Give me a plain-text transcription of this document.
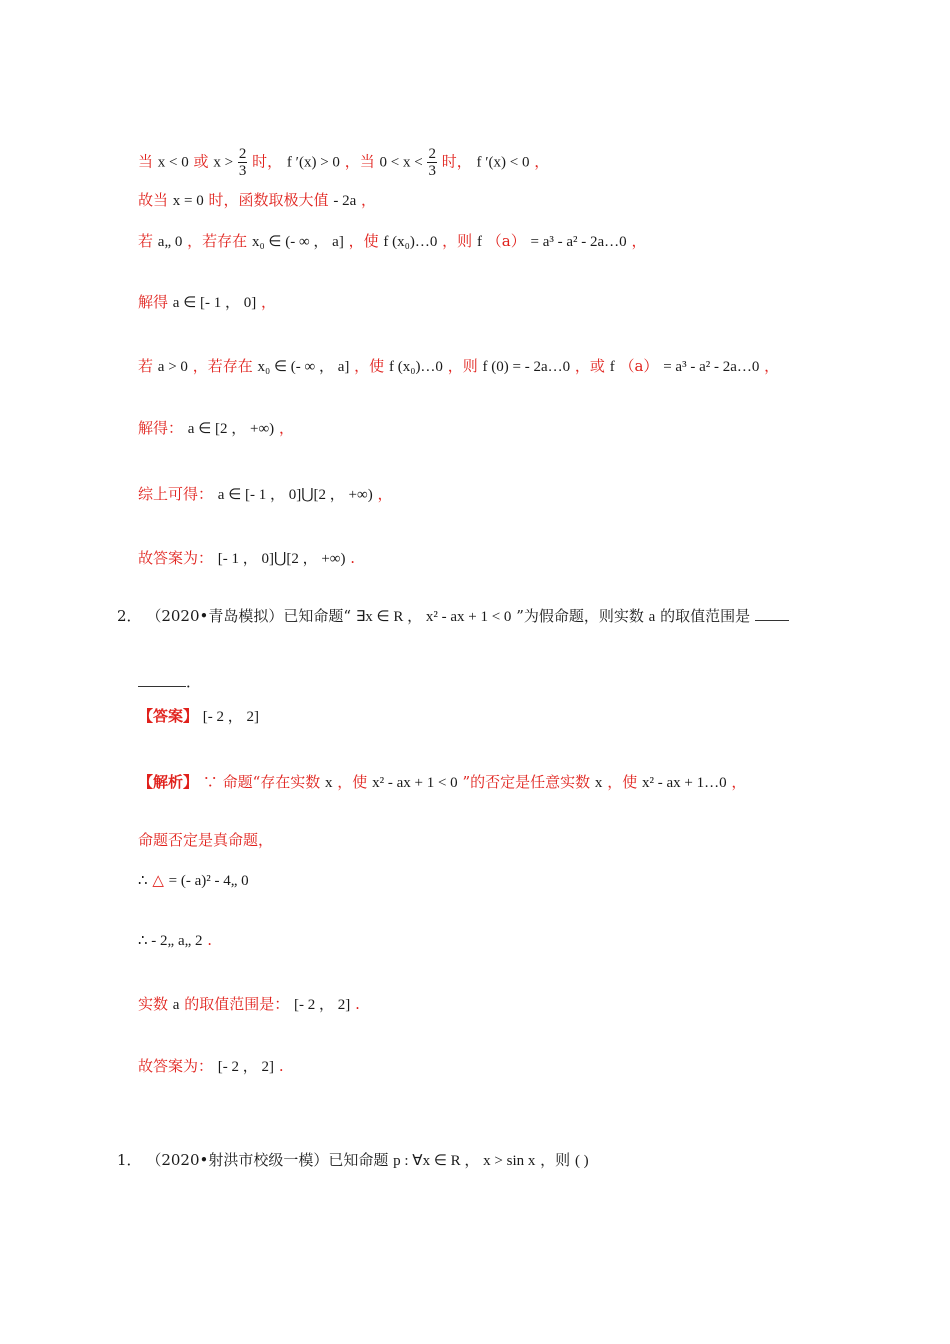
当 x < 0 或 $x > \frac{2}{3}$ 时， f ′(x) > 0 ，当 $0 < x < \frac{2}{3}$ 时， f ′(x) < 0 ，
故当 x = 0 时，函数取极大值 - 2a ，
若 a„ 0 ，若存在 x₀ ∈ (- ∞ ， a] ，使 f (x₀)…0 ，则 f （a） = a³ - a² - 2a…0 ，
解得 a ∈ [- 1 ， 0] ，
若 a > 0 ，若存在 x₀ ∈ (- ∞ ， a] ，使 f (x₀)…0 ，则 f (0) = - 2a…0 ，或 f （a） = a³ - a² - 2a…0 ，
解得： a ∈ [2 ， +∞) ，
综上可得： a ∈ [- 1 ， 0]⋃[2 ， +∞) ，
故答案为： [- 1 ， 0]⋃[2 ， +∞) .
2． （2020•青岛模拟）已知命题“ ∃x ∈ R ， x² - ax + 1 < 0 ”为假命题，则实数 a 的取值范围是
．
【答案】 [- 2 ， 2]
【解析】 ∵ 命题“存在实数 x ，使 x² - ax + 1 < 0 ”的否定是任意实数 x ，使 x² - ax + 1…0 ，
命题否定是真命题，
∴ △ = (- a)² - 4„ 0
∴ - 2„ a„ 2 .
实数 a 的取值范围是： [- 2 ， 2] .
故答案为： [- 2 ， 2] .
1． （2020•射洪市校级一模）已知命题 p : ∀x ∈ R ， x > sin x ，则 ( )
